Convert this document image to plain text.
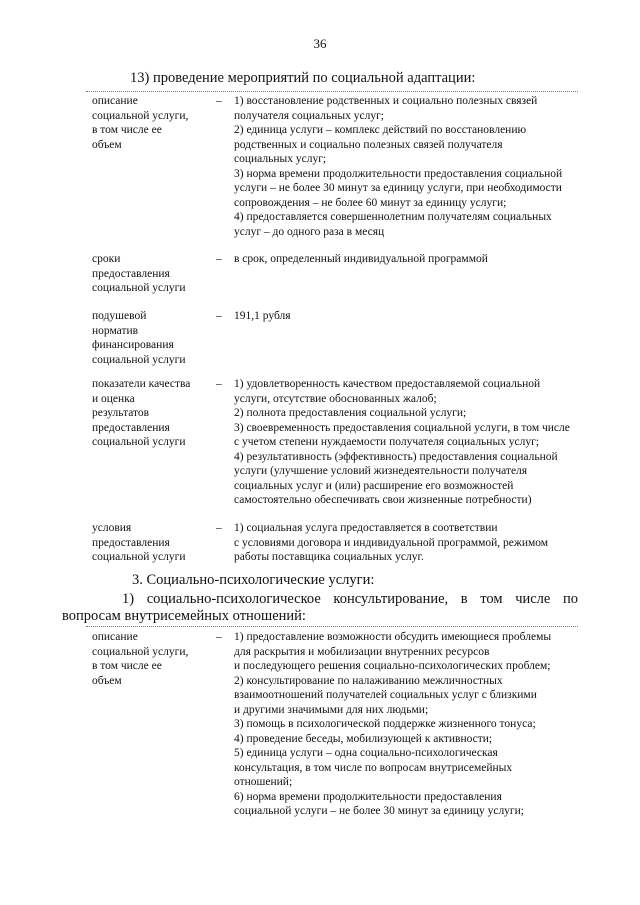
36
13) проведение мероприятий по социальной адаптации:
описание
социальной услуги,
в том числе ее
объем
– 1) восстановление родственных и социально полезных связей
получателя социальных услуг;
2) единица услуги – комплекс действий по восстановлению
родственных и социально полезных связей получателя
социальных услуг;
3) норма времени продолжительности предоставления социальной
услуги – не более 30 минут за единицу услуги, при необходимости
сопровождения – не более 60 минут за единицу услуги;
4) предоставляется совершеннолетним получателям социальных
услуг – до одного раза в месяц
сроки
предоставления
социальной услуги
– в срок, определенный индивидуальной программой
подушевой
норматив
финансирования
социальной услуги
– 191,1 рубля
показатели качества
и оценка
результатов
предоставления
социальной услуги
– 1) удовлетворенность качеством предоставляемой социальной
услуги, отсутствие обоснованных жалоб;
2) полнота предоставления социальной услуги;
3) своевременность предоставления социальной услуги, в том числе
с учетом степени нуждаемости получателя социальных услуг;
4) результативность (эффективность) предоставления социальной
услуги (улучшение условий жизнедеятельности получателя
социальных услуг и (или) расширение его возможностей
самостоятельно обеспечивать свои жизненные потребности)
условия
предоставления
социальной услуги
– 1) социальная услуга предоставляется в соответствии
с условиями договора и индивидуальной программой, режимом
работы поставщика социальных услуг.
3. Социально-психологические услуги:
1) социально-психологическое консультирование, в том числе по
вопросам внутрисемейных отношений:
описание
социальной услуги,
в том числе ее
объем
– 1) предоставление возможности обсудить имеющиеся проблемы
для раскрытия и мобилизации внутренних ресурсов
и последующего решения социально-психологических проблем;
2) консультирование по налаживанию межличностных
взаимоотношений получателей социальных услуг с близкими
и другими значимыми для них людьми;
3) помощь в психологической поддержке жизненного тонуса;
4) проведение беседы, мобилизующей к активности;
5) единица услуги – одна социально-психологическая
консультация, в том числе по вопросам внутрисемейных
отношений;
6) норма времени продолжительности предоставления
социальной услуги – не более 30 минут за единицу услуги;
